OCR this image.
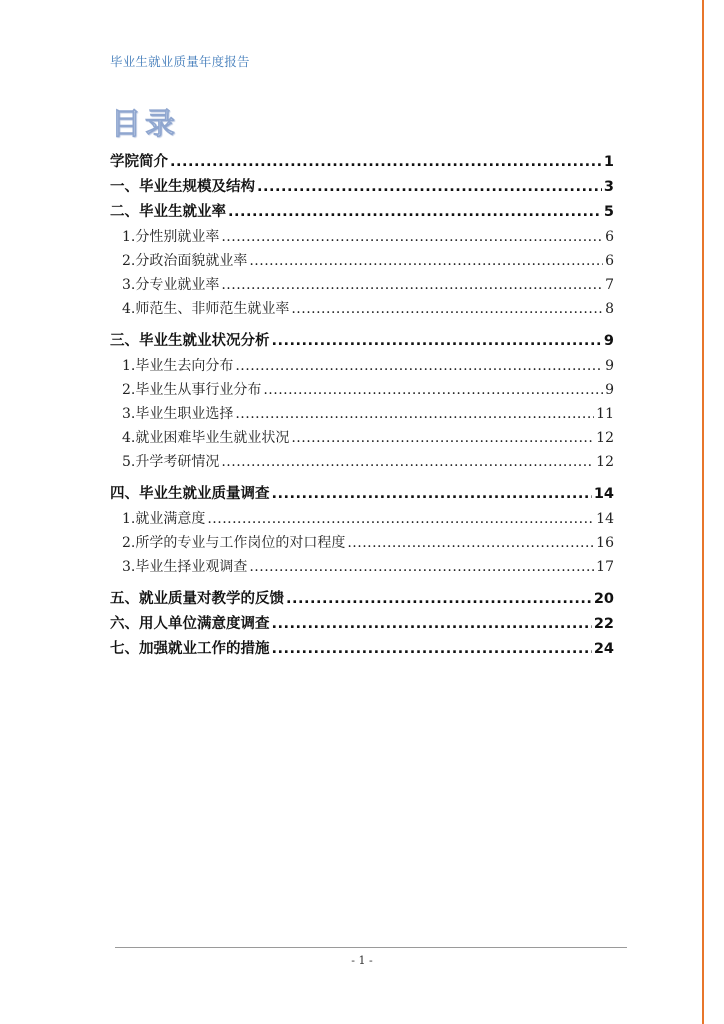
毕业生就业质量年度报告
目录
学院简介 .....	1
一、毕业生规模及结构 .....	3
二、毕业生就业率 .....	5
1.分性别就业率 .....	6
2.分政治面貌就业率 .....	6
3.分专业就业率 .....	7
4.师范生、非师范生就业率 .....	8
三、毕业生就业状况分析 .....	9
1.毕业生去向分布 .....	9
2.毕业生从事行业分布 .....	9
3.毕业生职业选择 .....	11
4.就业困难毕业生就业状况 .....	12
5.升学考研情况 .....	12
四、毕业生就业质量调查 .....	14
1.就业满意度 .....	14
2.所学的专业与工作岗位的对口程度 .....	16
3.毕业生择业观调查 .....	17
五、就业质量对教学的反馈 .....	20
六、用人单位满意度调查 .....	22
七、加强就业工作的措施 .....	24
- 1 -
